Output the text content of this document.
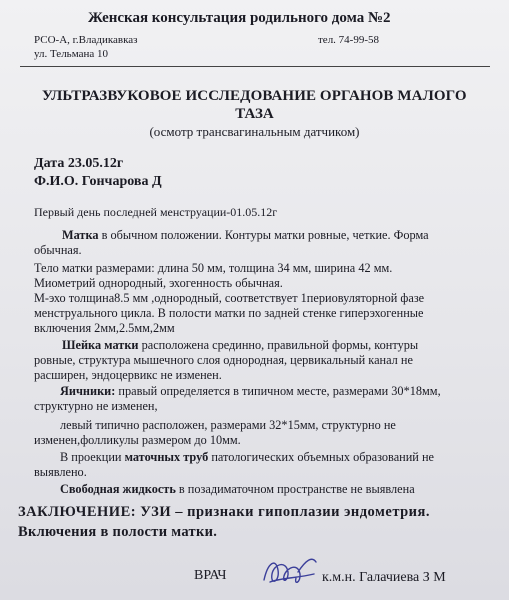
Женская консультация родильного дома №2
РСО-А, г.Владикавказ	тел. 74-99-58
ул. Тельмана 10
УЛЬТРАЗВУКОВОЕ ИССЛЕДОВАНИЕ ОРГАНОВ МАЛОГО
ТАЗА
(осмотр трансвагинальным датчиком)
Дата 23.05.12г
Ф.И.О. Гончарова Д
Первый день последней менструации-01.05.12г
Матка в обычном положении. Контуры матки ровные, четкие. Форма
обычная.
Тело матки размерами: длина 50 мм, толщина 34 мм, ширина 42 мм.
Миометрий однородный, эхогенность обычная.
М-эхо толщина8.5 мм ,однородный, соответствует 1периовуляторной фазе
менструального цикла. В полости матки по задней стенке гиперэхогенные
включения 2мм,2.5мм,2мм
Шейка матки расположена срединно, правильной формы, контуры
ровные, структура мышечного слоя однородная, цервикальный канал не
расширен, эндоцервикс не изменен.
Яичники: правый определяется в типичном месте, размерами 30*18мм,
структурно не изменен,
левый типично расположен, размерами 32*15мм, структурно не
изменен,фолликулы размером до 10мм.
В проекции маточных труб патологических объемных образований не
выявлено.
Свободная жидкость в позадиматочном пространстве не выявлена
ЗАКЛЮЧЕНИЕ: УЗИ – признаки гипоплазии эндометрия.
Включения в полости матки.
ВРАЧ	к.м.н. Галачиева З М
